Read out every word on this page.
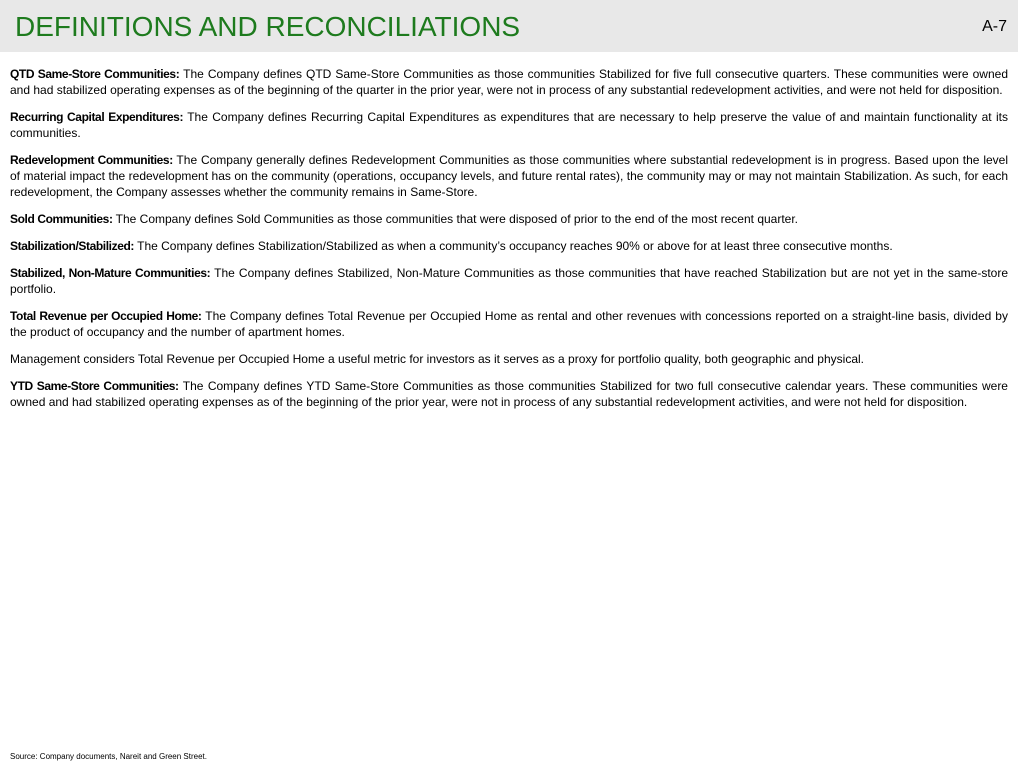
DEFINITIONS AND RECONCILIATIONS	A-7

QTD Same-Store Communities: The Company defines QTD Same-Store Communities as those communities Stabilized for five full consecutive quarters. These communities were owned and had stabilized operating expenses as of the beginning of the quarter in the prior year, were not in process of any substantial redevelopment activities, and were not held for disposition.

Recurring Capital Expenditures: The Company defines Recurring Capital Expenditures as expenditures that are necessary to help preserve the value of and maintain functionality at its communities.

Redevelopment Communities: The Company generally defines Redevelopment Communities as those communities where substantial redevelopment is in progress. Based upon the level of material impact the redevelopment has on the community (operations, occupancy levels, and future rental rates), the community may or may not maintain Stabilization. As such, for each redevelopment, the Company assesses whether the community remains in Same-Store.

Sold Communities: The Company defines Sold Communities as those communities that were disposed of prior to the end of the most recent quarter.

Stabilization/Stabilized: The Company defines Stabilization/Stabilized as when a community’s occupancy reaches 90% or above for at least three consecutive months.

Stabilized, Non-Mature Communities: The Company defines Stabilized, Non-Mature Communities as those communities that have reached Stabilization but are not yet in the same-store portfolio.

Total Revenue per Occupied Home: The Company defines Total Revenue per Occupied Home as rental and other revenues with concessions reported on a straight-line basis, divided by the product of occupancy and the number of apartment homes.

Management considers Total Revenue per Occupied Home a useful metric for investors as it serves as a proxy for portfolio quality, both geographic and physical.

YTD Same-Store Communities: The Company defines YTD Same-Store Communities as those communities Stabilized for two full consecutive calendar years. These communities were owned and had stabilized operating expenses as of the beginning of the prior year, were not in process of any substantial redevelopment activities, and were not held for disposition.

Source: Company documents, Nareit and Green Street.
